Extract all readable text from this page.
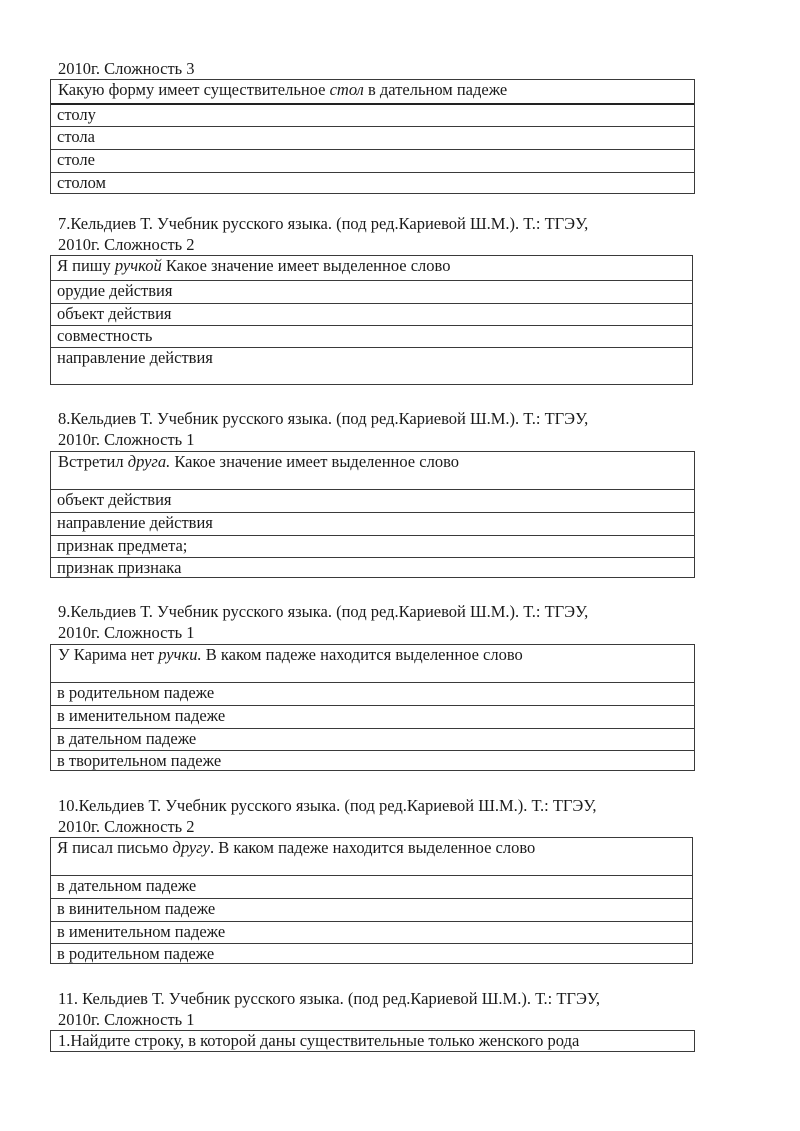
2010г. Сложность 3
Какую форму имеет существительное стол в дательном падеже
столу
стола
столе
столом
7.Кельдиев Т. Учебник русского языка. (под ред.Кариевой Ш.М.). Т.: ТГЭУ,
2010г. Сложность 2
Я пишу ручкой Какое значение имеет выделенное слово
орудие действия
объект действия
совместность
направление действия
8.Кельдиев Т. Учебник русского языка. (под ред.Кариевой Ш.М.). Т.: ТГЭУ,
2010г. Сложность 1
Встретил друга. Какое значение имеет выделенное слово
объект действия
направление действия
признак предмета;
признак признака
9.Кельдиев Т. Учебник русского языка. (под ред.Кариевой Ш.М.). Т.: ТГЭУ,
2010г. Сложность 1
У Карима нет ручки. В каком падеже находится выделенное слово
в родительном падеже
в именительном падеже
в дательном падеже
в творительном падеже
10.Кельдиев Т. Учебник русского языка. (под ред.Кариевой Ш.М.). Т.: ТГЭУ,
2010г. Сложность 2
Я писал письмо другу. В каком падеже находится выделенное слово
в дательном падеже
в винительном падеже
в именительном падеже
в родительном падеже
11. Кельдиев Т. Учебник русского языка. (под ред.Кариевой Ш.М.). Т.: ТГЭУ,
2010г. Сложность 1
1.Найдите строку, в которой даны существительные только женского рода
